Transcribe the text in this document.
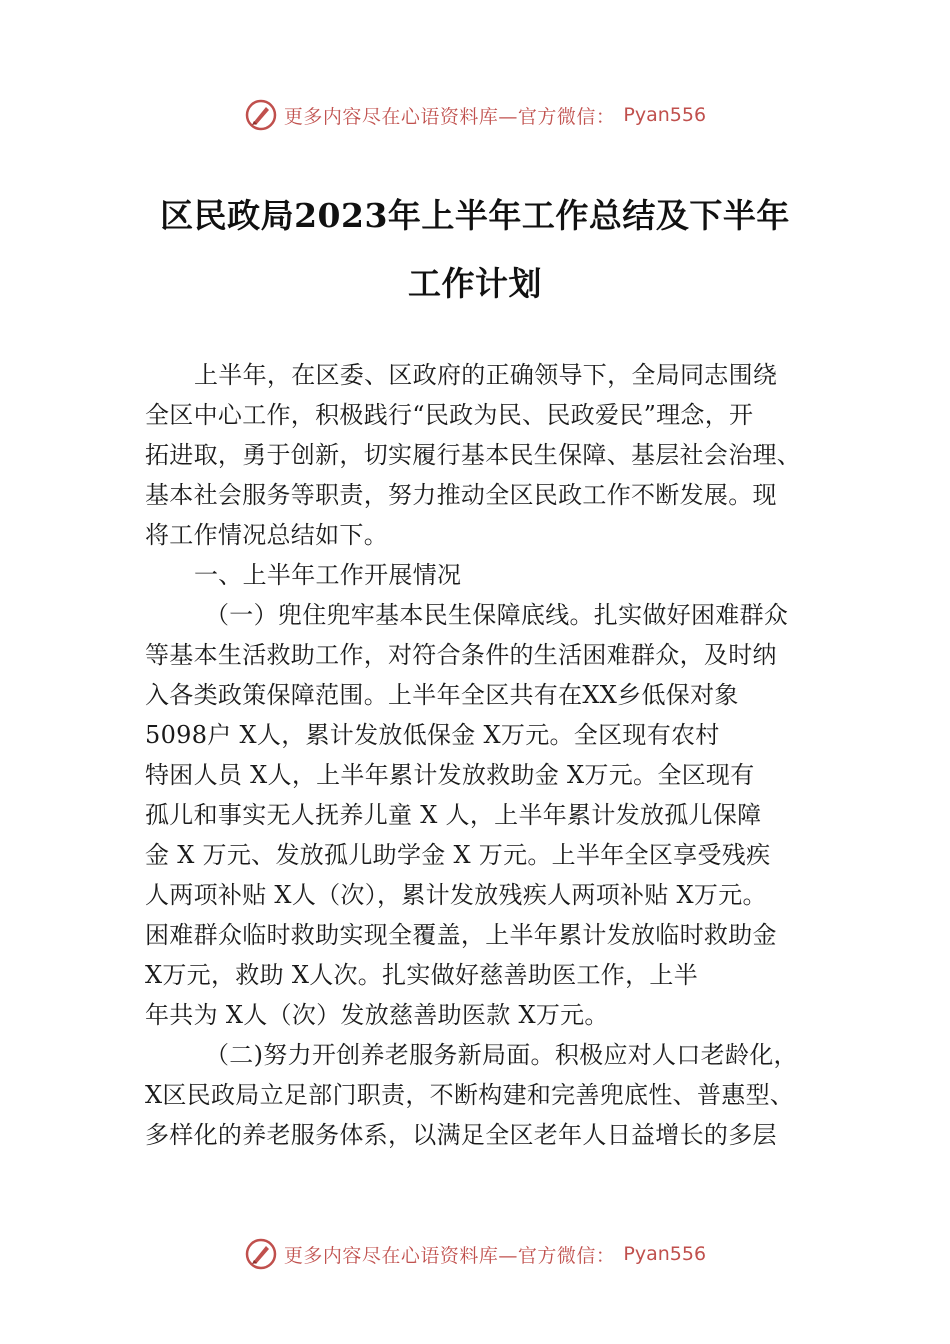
更多内容尽在心语资料库—官方微信： Pyan556
区民政局2023年上半年工作总结及下半年
工作计划
上半年，在区委、区政府的正确领导下，全局同志围绕
全区中心工作，积极践行“民政为民、民政爱民”理念，开
拓进取，勇于创新，切实履行基本民生保障、基层社会治理、
基本社会服务等职责，努力推动全区民政工作不断发展。现
将工作情况总结如下。
一、上半年工作开展情况
（一）兜住兜牢基本民生保障底线。扎实做好困难群众
等基本生活救助工作，对符合条件的生活困难群众，及时纳
入各类政策保障范围。上半年全区共有在XX乡低保对象
5098户 X人，累计发放低保金 X万元。全区现有农村
特困人员 X人，上半年累计发放救助金 X万元。全区现有
孤儿和事实无人抚养儿童 X 人，上半年累计发放孤儿保障
金 X 万元、发放孤儿助学金 X 万元。上半年全区享受残疾
人两项补贴 X人（次），累计发放残疾人两项补贴 X万元。
困难群众临时救助实现全覆盖，上半年累计发放临时救助金
X万元，救助 X人次。扎实做好慈善助医工作，上半
年共为 X人（次）发放慈善助医款 X万元。
（二)努力开创养老服务新局面。积极应对人口老龄化，
X区民政局立足部门职责，不断构建和完善兜底性、普惠型、
多样化的养老服务体系，以满足全区老年人日益增长的多层
更多内容尽在心语资料库—官方微信： Pyan556
